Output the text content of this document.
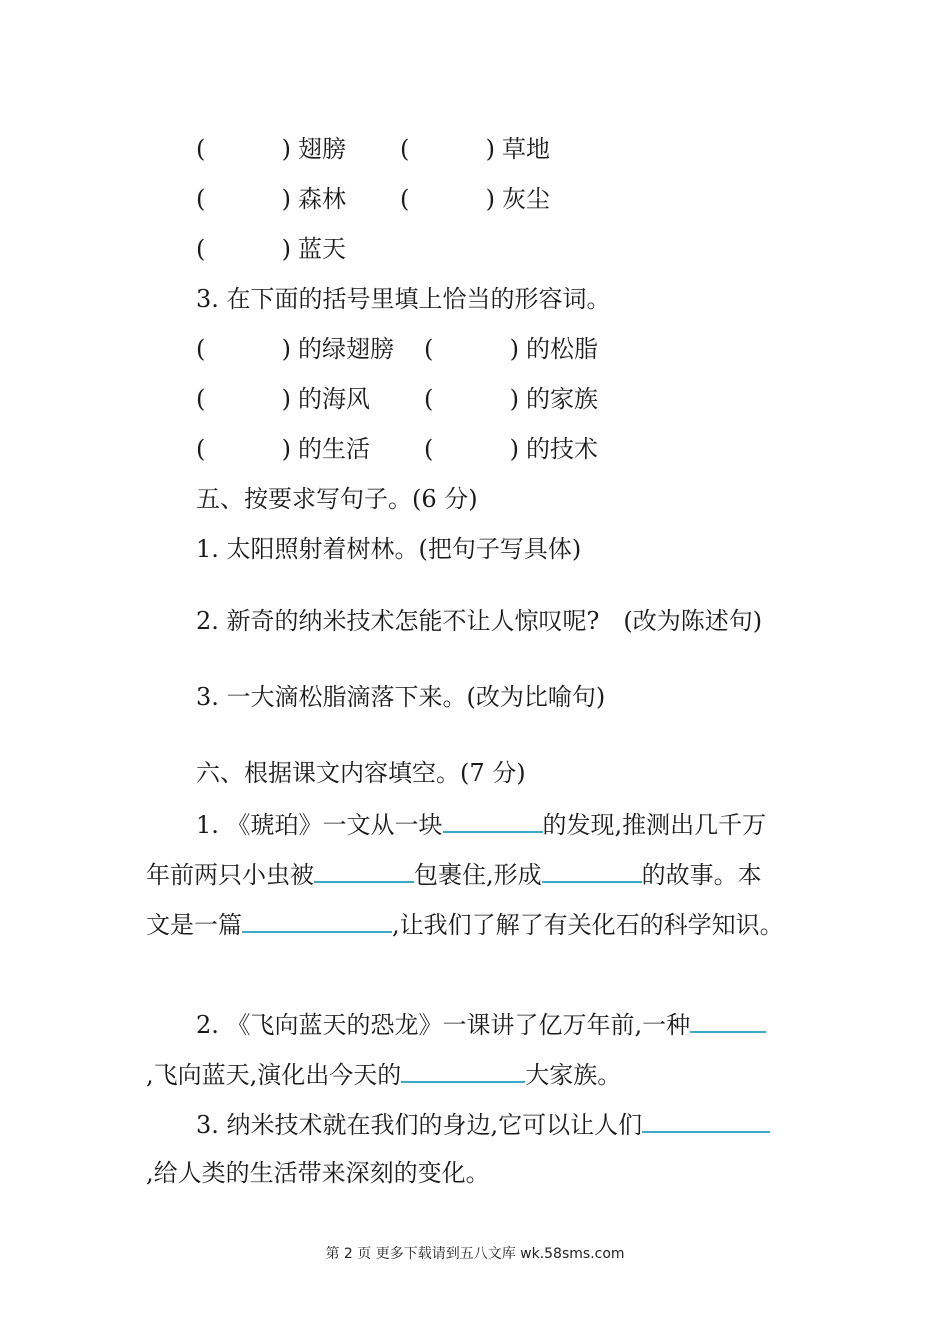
(          ) 翅膀 (          ) 草地
(          ) 森林 (          ) 灰尘
(          ) 蓝天
3. 在下面的括号里填上恰当的形容词。
(          ) 的绿翅膀 (          ) 的松脂
(          ) 的海风 (          ) 的家族
(          ) 的生活 (          ) 的技术
五、按要求写句子。(6 分)
1. 太阳照射着树林。(把句子写具体)
2. 新奇的纳米技术怎能不让人惊叹呢?　(改为陈述句)
3. 一大滴松脂滴落下来。(改为比喻句)
六、根据课文内容填空。(7 分)
1. 《琥珀》一文从一块	的发现,推测出几千万
年前两只小虫被	包裹住,形成	的故事。本
文是一篇	,让我们了解了有关化石的科学知识。
2. 《飞向蓝天的恐龙》一课讲了亿万年前,一种
,飞向蓝天,演化出今天的	大家族。
3. 纳米技术就在我们的身边,它可以让人们
,给人类的生活带来深刻的变化。
第 2 页 更多下载请到五八文库 wk.58sms.com
